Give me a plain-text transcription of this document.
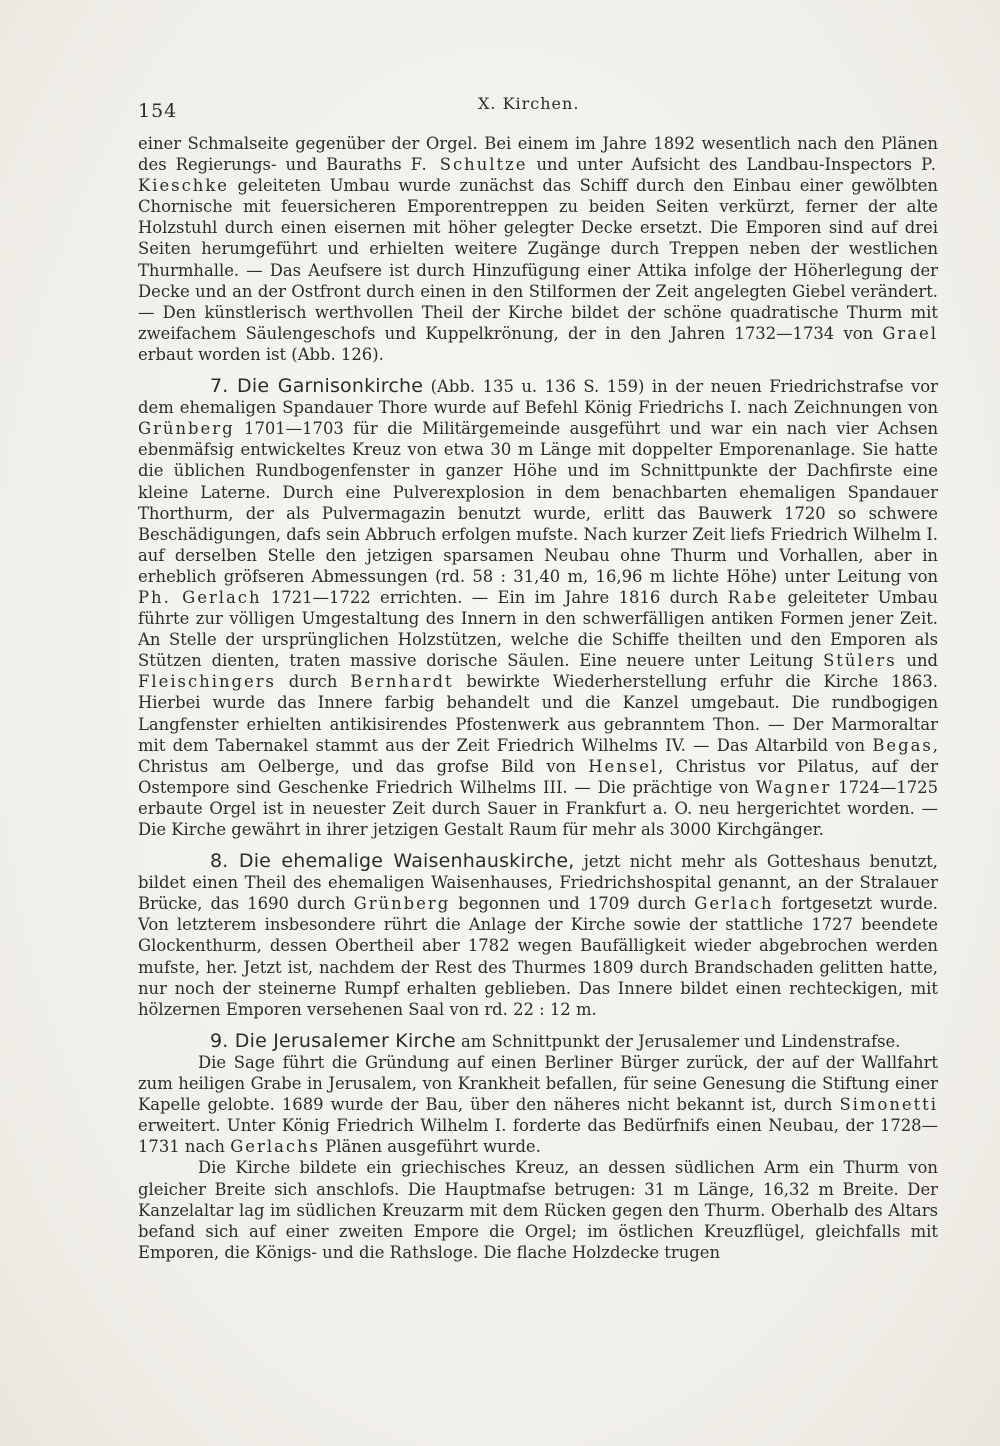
154	X. Kirchen.

einer Schmalseite gegenüber der Orgel. Bei einem im Jahre 1892 wesentlich nach den Plänen des Regierungs- und Bauraths F. Schultze und unter Aufsicht des Landbau-Inspectors P. Kieschke geleiteten Umbau wurde zunächst das Schiff durch den Einbau einer gewölbten Chornische mit feuersicheren Emporentreppen zu beiden Seiten verkürzt, ferner der alte Holzstuhl durch einen eisernen mit höher gelegter Decke ersetzt. Die Emporen sind auf drei Seiten herumgeführt und erhielten weitere Zugänge durch Treppen neben der westlichen Thurmhalle. — Das Aeufsere ist durch Hinzufügung einer Attika infolge der Höherlegung der Decke und an der Ostfront durch einen in den Stilformen der Zeit angelegten Giebel verändert. — Den künstlerisch werthvollen Theil der Kirche bildet der schöne quadratische Thurm mit zweifachem Säulengeschofs und Kuppelkrönung, der in den Jahren 1732—1734 von Grael erbaut worden ist (Abb. 126).

7. Die Garnisonkirche (Abb. 135 u. 136 S. 159) in der neuen Friedrichstrafse vor dem ehemaligen Spandauer Thore wurde auf Befehl König Friedrichs I. nach Zeichnungen von Grünberg 1701—1703 für die Militärgemeinde ausgeführt und war ein nach vier Achsen ebenmäfsig entwickeltes Kreuz von etwa 30 m Länge mit doppelter Emporenanlage. Sie hatte die üblichen Rundbogenfenster in ganzer Höhe und im Schnittpunkte der Dachfirste eine kleine Laterne. Durch eine Pulverexplosion in dem benachbarten ehemaligen Spandauer Thorthurm, der als Pulvermagazin benutzt wurde, erlitt das Bauwerk 1720 so schwere Beschädigungen, dafs sein Abbruch erfolgen mufste. Nach kurzer Zeit liefs Friedrich Wilhelm I. auf derselben Stelle den jetzigen sparsamen Neubau ohne Thurm und Vorhallen, aber in erheblich gröfseren Abmessungen (rd. 58 : 31,40 m, 16,96 m lichte Höhe) unter Leitung von Ph. Gerlach 1721—1722 errichten. — Ein im Jahre 1816 durch Rabe geleiteter Umbau führte zur völligen Umgestaltung des Innern in den schwerfälligen antiken Formen jener Zeit. An Stelle der ursprünglichen Holzstützen, welche die Schiffe theilten und den Emporen als Stützen dienten, traten massive dorische Säulen. Eine neuere unter Leitung Stülers und Fleischingers durch Bernhardt bewirkte Wiederherstellung erfuhr die Kirche 1863. Hierbei wurde das Innere farbig behandelt und die Kanzel umgebaut. Die rundbogigen Langfenster erhielten antikisirendes Pfostenwerk aus gebranntem Thon. — Der Marmoraltar mit dem Tabernakel stammt aus der Zeit Friedrich Wilhelms IV. — Das Altarbild von Begas, Christus am Oelberge, und das grofse Bild von Hensel, Christus vor Pilatus, auf der Ostempore sind Geschenke Friedrich Wilhelms III. — Die prächtige von Wagner 1724—1725 erbaute Orgel ist in neuester Zeit durch Sauer in Frankfurt a. O. neu hergerichtet worden. — Die Kirche gewährt in ihrer jetzigen Gestalt Raum für mehr als 3000 Kirchgänger.

8. Die ehemalige Waisenhauskirche, jetzt nicht mehr als Gotteshaus benutzt, bildet einen Theil des ehemaligen Waisenhauses, Friedrichshospital genannt, an der Stralauer Brücke, das 1690 durch Grünberg begonnen und 1709 durch Gerlach fortgesetzt wurde. Von letzterem insbesondere rührt die Anlage der Kirche sowie der stattliche 1727 beendete Glockenthurm, dessen Obertheil aber 1782 wegen Baufälligkeit wieder abgebrochen werden mufste, her. Jetzt ist, nachdem der Rest des Thurmes 1809 durch Brandschaden gelitten hatte, nur noch der steinerne Rumpf erhalten geblieben. Das Innere bildet einen rechteckigen, mit hölzernen Emporen versehenen Saal von rd. 22 : 12 m.

9. Die Jerusalemer Kirche am Schnittpunkt der Jerusalemer und Lindenstrafse.

Die Sage führt die Gründung auf einen Berliner Bürger zurück, der auf der Wallfahrt zum heiligen Grabe in Jerusalem, von Krankheit befallen, für seine Genesung die Stiftung einer Kapelle gelobte. 1689 wurde der Bau, über den näheres nicht bekannt ist, durch Simonetti erweitert. Unter König Friedrich Wilhelm I. forderte das Bedürfnifs einen Neubau, der 1728—1731 nach Gerlachs Plänen ausgeführt wurde.

Die Kirche bildete ein griechisches Kreuz, an dessen südlichen Arm ein Thurm von gleicher Breite sich anschlofs. Die Hauptmafse betrugen: 31 m Länge, 16,32 m Breite. Der Kanzelaltar lag im südlichen Kreuzarm mit dem Rücken gegen den Thurm. Oberhalb des Altars befand sich auf einer zweiten Empore die Orgel; im östlichen Kreuzflügel, gleichfalls mit Emporen, die Königs- und die Rathsloge. Die flache Holzdecke trugen
